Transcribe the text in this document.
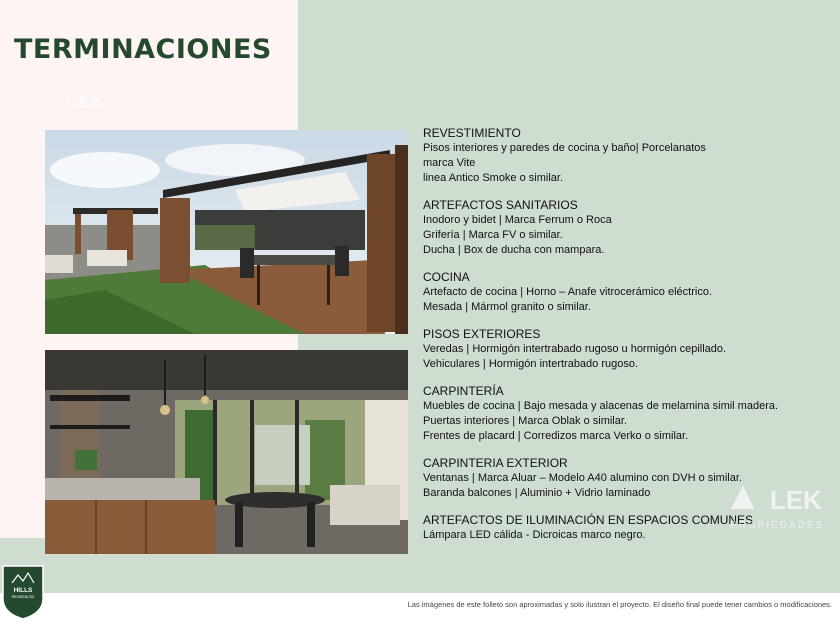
TERMINACIONES
LEK
REVESTIMIENTO

Pisos interiores y paredes de cocina y baño| Porcelanatos

marca Vite

linea Antico Smoke o similar.

ARTEFACTOS SANITARIOS

Inodoro y bidet | Marca Ferrum o Roca

Grifería | Marca FV o similar.

Ducha | Box de ducha con mampara.

COCINA

Artefacto de cocina | Horno – Anafe vitrocerámico eléctrico.

Mesada | Mármol granito o similar.

PISOS EXTERIORES

Veredas | Hormigón intertrabado rugoso u hormigón cepillado.

Vehiculares | Hormigón intertrabado rugoso.

CARPINTERÍA

Muebles de cocina | Bajo mesada y alacenas de melamina simil madera.

Puertas interiores | Marca Oblak o similar.

Frentes de placard | Corredizos marca Verko o similar.

CARPINTERIA EXTERIOR

Ventanas | Marca Aluar – Modelo A40 alumino con DVH o similar.

Baranda balcones | Aluminio + Vidrio laminado

ARTEFACTOS DE ILUMINACIÓN EN ESPACIOS COMUNES

Lámpara LED cálida - Dicroicas marco negro.

▲ LEK
PROPIEDADES
HILLS
RESIDENCES

Las imágenes de este folleto son aproximadas y solo ilustran el proyecto. El diseño final puede tener cambios o modificaciones.
